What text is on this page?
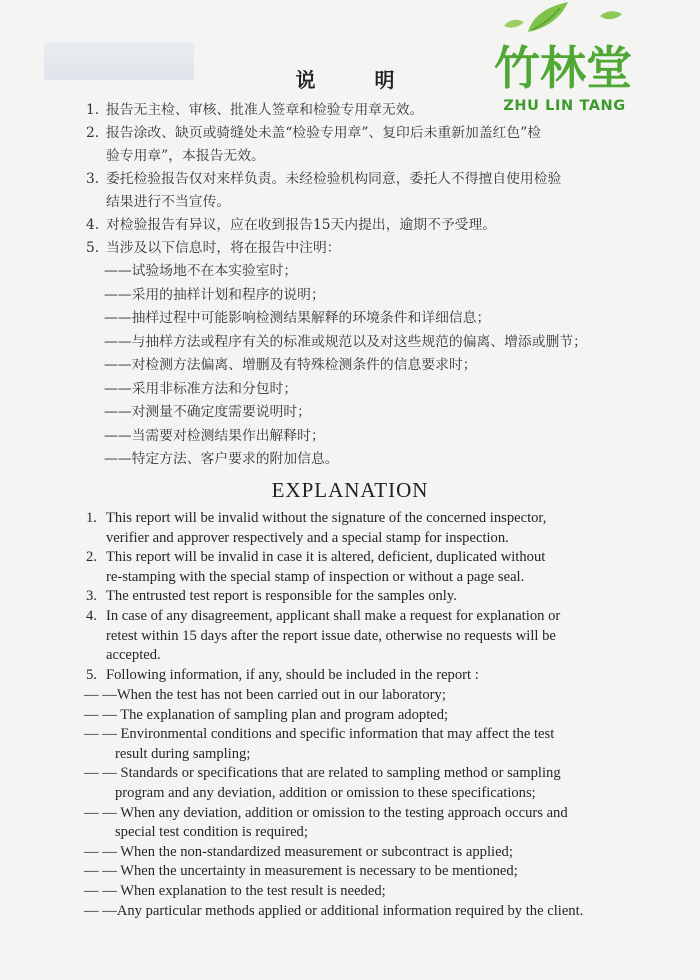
竹林堂
ZHU LIN TANG
说 明
1. 报告无主检、审核、批准人签章和检验专用章无效。
2. 报告涂改、缺页或骑缝处未盖“检验专用章”、复印后未重新加盖红色”检
验专用章”，本报告无效。
3. 委托检验报告仅对来样负责。未经检验机构同意，委托人不得擅自使用检验
结果进行不当宣传。
4. 对检验报告有异议，应在收到报告15天内提出，逾期不予受理。
5. 当涉及以下信息时，将在报告中注明：
——试验场地不在本实验室时；
——采用的抽样计划和程序的说明；
——抽样过程中可能影响检测结果解释的环境条件和详细信息；
——与抽样方法或程序有关的标准或规范以及对这些规范的偏离、增添或删节；
——对检测方法偏离、增删及有特殊检测条件的信息要求时；
——采用非标准方法和分包时；
——对测量不确定度需要说明时；
——当需要对检测结果作出解释时；
——特定方法、客户要求的附加信息。
EXPLANATION
1. This report will be invalid without the signature of the concerned inspector,
verifier and approver respectively and a special stamp for inspection.
2. This report will be invalid in case it is altered, deficient, duplicated without
re-stamping with the special stamp of inspection or without a page seal.
3. The entrusted test report is responsible for the samples only.
4. In case of any disagreement, applicant shall make a request for explanation or
retest within 15 days after the report issue date, otherwise no requests will be
accepted.
5. Following information, if any, should be included in the report :
— —When the test has not been carried out in our laboratory;
— — The explanation of sampling plan and program adopted;
— — Environmental conditions and specific information that may affect the test
result during sampling;
— — Standards or specifications that are related to sampling method or sampling
program and any deviation, addition or omission to these specifications;
— — When any deviation, addition or omission to the testing approach occurs and
special test condition is required;
— — When the non-standardized measurement or subcontract is applied;
— — When the uncertainty in measurement is necessary to be mentioned;
— — When explanation to the test result is needed;
— —Any particular methods applied or additional information required by the client.
